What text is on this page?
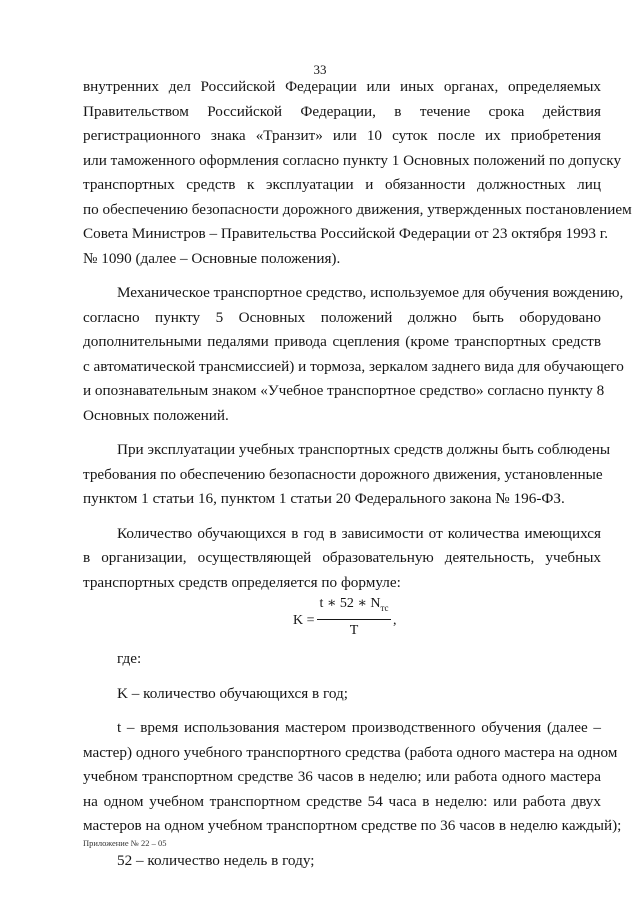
33
внутренних дел Российской Федерации или иных органах, определяемых
Правительством Российской Федерации, в течение срока действия
регистрационного знака «Транзит» или 10 суток после их приобретения
или таможенного оформления согласно пункту 1 Основных положений по допуску
транспортных средств к эксплуатации и обязанности должностных лиц
по обеспечению безопасности дорожного движения, утвержденных постановлением
Совета Министров – Правительства Российской Федерации от 23 октября 1993 г.
№ 1090 (далее – Основные положения).
Механическое транспортное средство, используемое для обучения вождению,
согласно пункту 5 Основных положений должно быть оборудовано
дополнительными педалями привода сцепления (кроме транспортных средств
с автоматической трансмиссией) и тормоза, зеркалом заднего вида для обучающего
и опознавательным знаком «Учебное транспортное средство» согласно пункту 8
Основных положений.
При эксплуатации учебных транспортных средств должны быть соблюдены
требования по обеспечению безопасности дорожного движения, установленные
пунктом 1 статьи 16, пунктом 1 статьи 20 Федерального закона № 196-ФЗ.
Количество обучающихся в год в зависимости от количества имеющихся
в организации, осуществляющей образовательную деятельность, учебных
транспортных средств определяется по формуле:
K =
t ∗ 52 ∗ $N_{тс}$
T
,
где:
K – количество обучающихся в год;
t – время использования мастером производственного обучения (далее –
мастер) одного учебного транспортного средства (работа одного мастера на одном
учебном транспортном средстве 36 часов в неделю; или работа одного мастера
на одном учебном транспортном средстве 54 часа в неделю: или работа двух
мастеров на одном учебном транспортном средстве по 36 часов в неделю каждый);
52 – количество недель в году;
Приложение № 22 – 05
